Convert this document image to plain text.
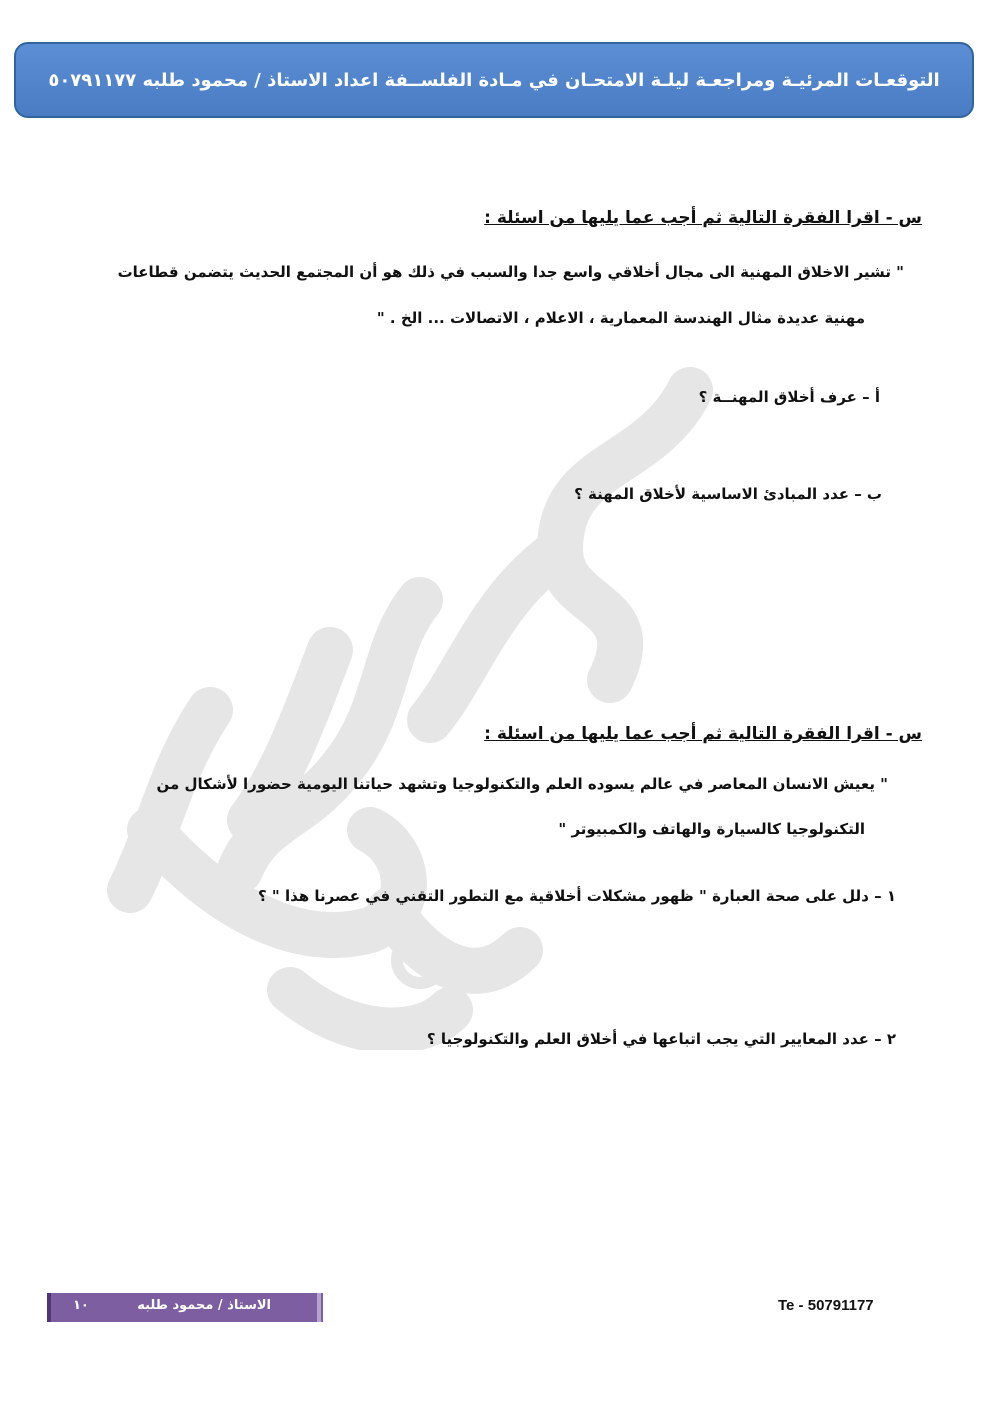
التوقعـات المرئيـة ومراجعـة ليلـة الامتحـان في مـادة الفلســفة اعداد الاستاذ / محمود طلبه ٥٠٧٩١١٧٧
س - اقرا الفقرة التالية ثم أجب عما يليها من اسئلة :
" تشير الاخلاق المهنية الى مجال أخلاقي واسع جدا والسبب في ذلك هو أن المجتمع الحديث يتضمن قطاعات
مهنية عديدة مثال الهندسة المعمارية ، الاعلام ، الاتصالات ... الخ . "
أ – عرف أخلاق المهنــة ؟
ب – عدد المبادئ الاساسية لأخلاق المهنة ؟
س - اقرا الفقرة التالية ثم أجب عما يليها من اسئلة :
" يعيش الانسان المعاصر في عالم يسوده العلم والتكنولوجيا وتشهد حياتنا اليومية حضورا لأشكال من
التكنولوجيا كالسيارة والهاتف والكمبيوتر "
١ – دلل على صحة العبارة " ظهور مشكلات أخلاقية مع التطور التقني في عصرنا هذا " ؟
٢ – عدد المعايير التي يجب اتباعها في أخلاق العلم والتكنولوجيا ؟
الاستاذ / محمود طلبه
١٠	Te - 50791177
